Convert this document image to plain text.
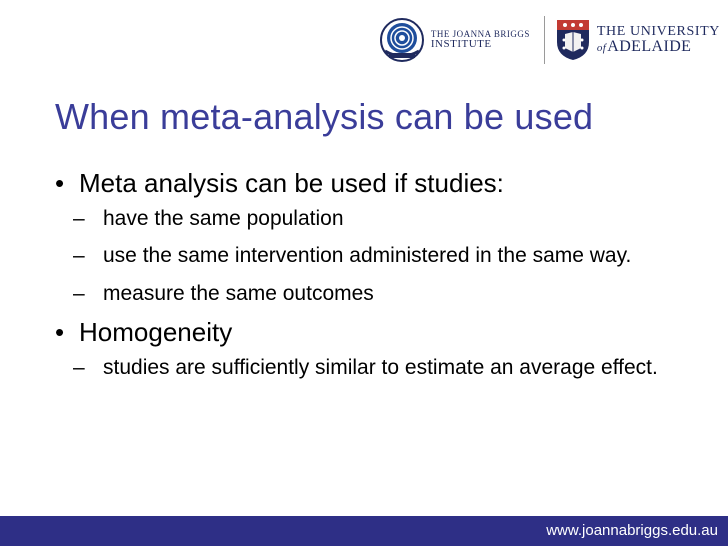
THE JOANNA BRIGGS
INSTITUTE
THE UNIVERSITY
ofADELAIDE
When meta-analysis can be used
• Meta analysis can be used if studies:
– have the same population
– use the same intervention administered in the same way.
– measure the same outcomes
• Homogeneity
– studies are sufficiently similar to estimate an average effect.
www.joannabriggs.edu.au
